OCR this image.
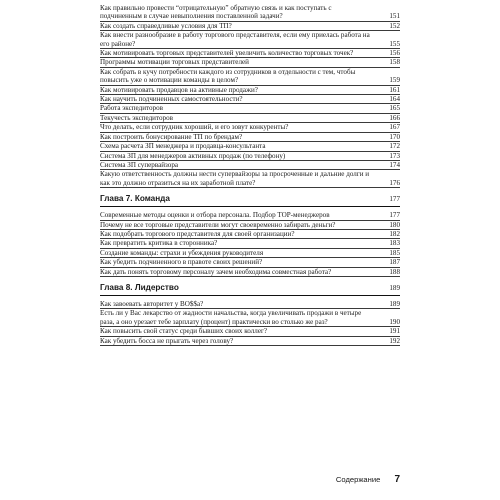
Как правильно провести “отрицательную” обратную связь и как поступать с подчиненным в случае невыполнения поставленной задачи?	151
Как создать справедливые условия для ТП?	152
Как внести разнообразие в работу торгового представителя, если ему приелась работа на его районе?	155
Как мотивировать торговых представителей увеличить количество торговых точек?	156
Программы мотивации торговых представителей	158
Как собрать в кучу потребности каждого из сотрудников в отдельности с тем, чтобы повысить уже о мотивации команды в целом?	159
Как мотивировать продавцов на активные продажи?	161
Как научить подчиненных самостоятельности?	164
Работа экспедиторов	165
Текучесть экспедиторов	166
Что делать, если сотрудник хороший, и его зовут конкуренты?	167
Как построить бонусирование ТП по брендам?	170
Схема расчета ЗП менеджера и продавца-консультанта	172
Система ЗП для менеджеров активных продаж (по телефону)	173
Система ЗП супервайзора	174
Какую ответственность должны нести супервайзоры за просроченные и дальние долги и как это должно отразиться на их заработной плате?	176
Глава 7. Команда	177
Современные методы оценки и отбора персонала. Подбор TOP-менеджеров	177
Почему не все торговые представители могут своевременно забирать деньги?	180
Как подобрать торгового представителя для своей организации?	182
Как превратить критика в сторонника?	183
Создание команды: страхи и убеждения руководителя	185
Как убедить подчиненного в правоте своих решений?	187
Как дать понять торговому персоналу зачем необходима совместная работа?	188
Глава 8. Лидерство	189
Как завоевать авторитет у BO$$a?	189
Есть ли у Вас лекарство от жадности начальства, когда увеличивать продажи в четыре раза, а оно урезает тебе зарплату (процент) практически во столько же раз?	190
Как повысить свой статус среди бывших своих коллег?	191
Как убедить босса не прыгать через голову?	192
Содержание 7
